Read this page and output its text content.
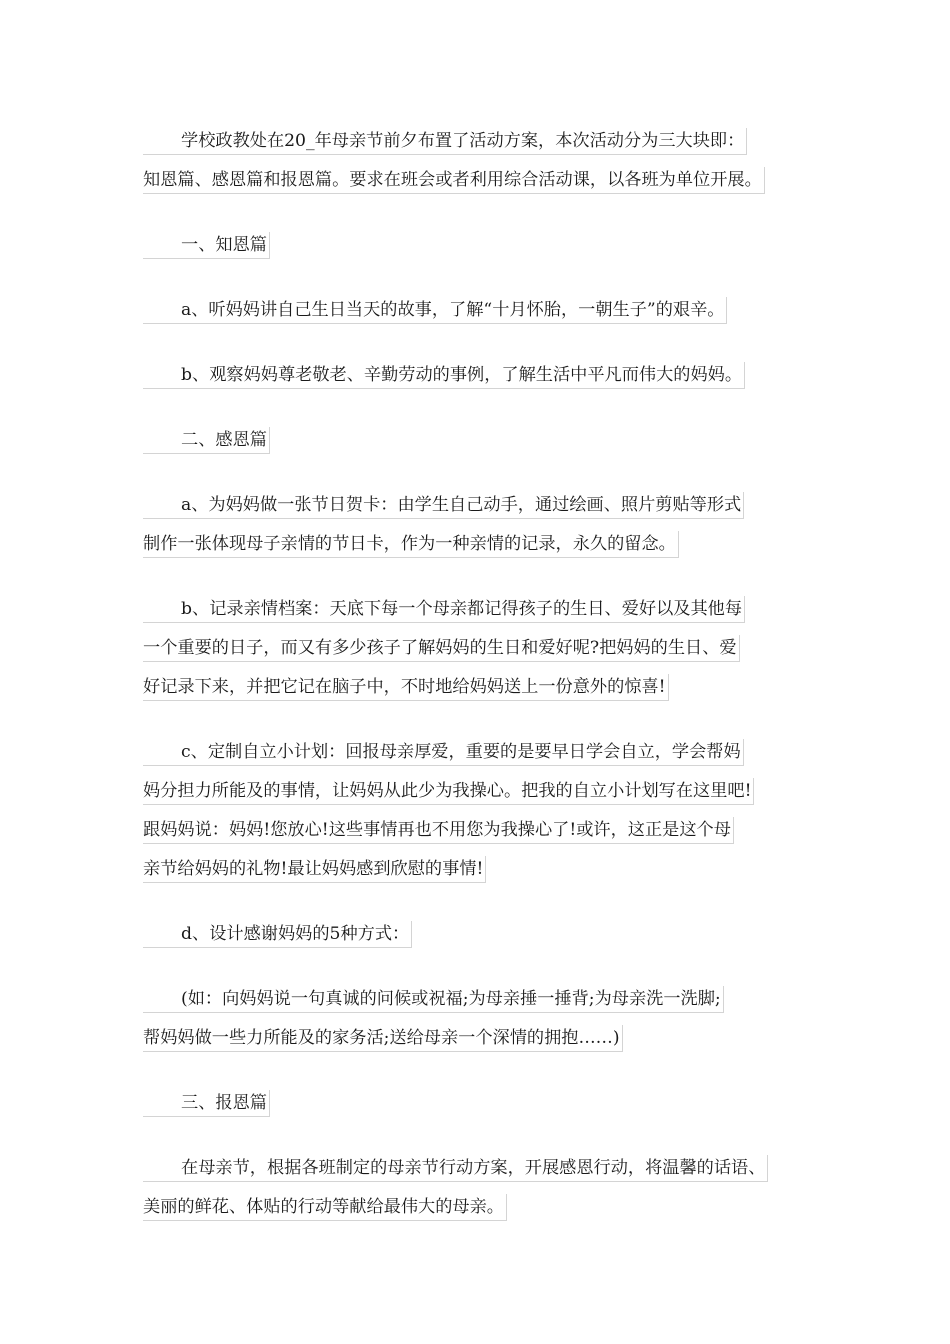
学校政教处在20_年母亲节前夕布置了活动方案，本次活动分为三大块即：
知恩篇、感恩篇和报恩篇。要求在班会或者利用综合活动课，以各班为单位开展。
一、知恩篇
a、听妈妈讲自己生日当天的故事，了解“十月怀胎，一朝生子”的艰辛。
b、观察妈妈尊老敬老、辛勤劳动的事例，了解生活中平凡而伟大的妈妈。
二、感恩篇
a、为妈妈做一张节日贺卡：由学生自己动手，通过绘画、照片剪贴等形式
制作一张体现母子亲情的节日卡，作为一种亲情的记录，永久的留念。
b、记录亲情档案：天底下每一个母亲都记得孩子的生日、爱好以及其他每
一个重要的日子，而又有多少孩子了解妈妈的生日和爱好呢?把妈妈的生日、爱
好记录下来，并把它记在脑子中，不时地给妈妈送上一份意外的惊喜!
c、定制自立小计划：回报母亲厚爱，重要的是要早日学会自立，学会帮妈
妈分担力所能及的事情，让妈妈从此少为我操心。把我的自立小计划写在这里吧!
跟妈妈说：妈妈!您放心!这些事情再也不用您为我操心了!或许，这正是这个母
亲节给妈妈的礼物!最让妈妈感到欣慰的事情!
d、设计感谢妈妈的5种方式：
(如：向妈妈说一句真诚的问候或祝福;为母亲捶一捶背;为母亲洗一洗脚;
帮妈妈做一些力所能及的家务活;送给母亲一个深情的拥抱……)
三、报恩篇
在母亲节，根据各班制定的母亲节行动方案，开展感恩行动，将温馨的话语、
美丽的鲜花、体贴的行动等献给最伟大的母亲。
